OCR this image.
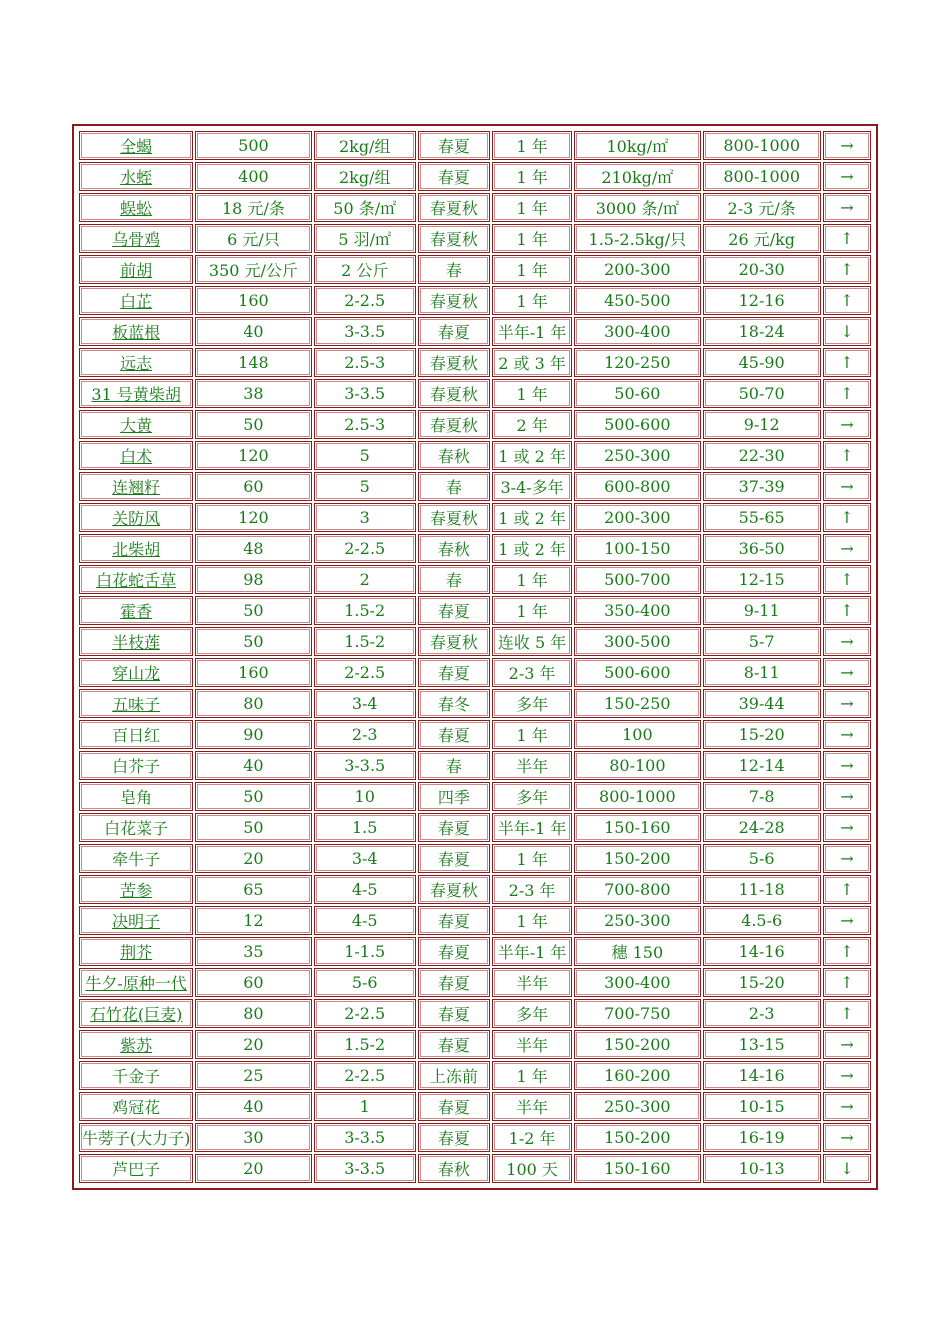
全蝎	500	2kg/组	春夏	1 年	10kg/㎡	800-1000	→
水蛭	400	2kg/组	春夏	1 年	210kg/㎡	800-1000	→
蜈蚣	18 元/条	50 条/㎡	春夏秋	1 年	3000 条/㎡	2-3 元/条	→
乌骨鸡	6 元/只	5 羽/㎡	春夏秋	1 年	1.5-2.5kg/只	26 元/kg	↑
前胡	350 元/公斤	2 公斤	春	1 年	200-300	20-30	↑
白芷	160	2-2.5	春夏秋	1 年	450-500	12-16	↑
板蓝根	40	3-3.5	春夏	半年-1 年	300-400	18-24	↓
远志	148	2.5-3	春夏秋	2 或 3 年	120-250	45-90	↑
31 号黄柴胡	38	3-3.5	春夏秋	1 年	50-60	50-70	↑
大黄	50	2.5-3	春夏秋	2 年	500-600	9-12	→
白术	120	5	春秋	1 或 2 年	250-300	22-30	↑
连翘籽	60	5	春	3-4-多年	600-800	37-39	→
关防风	120	3	春夏秋	1 或 2 年	200-300	55-65	↑
北柴胡	48	2-2.5	春秋	1 或 2 年	100-150	36-50	→
白花蛇舌草	98	2	春	1 年	500-700	12-15	↑
霍香	50	1.5-2	春夏	1 年	350-400	9-11	↑
半枝莲	50	1.5-2	春夏秋	连收 5 年	300-500	5-7	→
穿山龙	160	2-2.5	春夏	2-3 年	500-600	8-11	→
五味子	80	3-4	春冬	多年	150-250	39-44	→
百日红	90	2-3	春夏	1 年	100	15-20	→
白芥子	40	3-3.5	春	半年	80-100	12-14	→
皂角	50	10	四季	多年	800-1000	7-8	→
白花菜子	50	1.5	春夏	半年-1 年	150-160	24-28	→
牵牛子	20	3-4	春夏	1 年	150-200	5-6	→
苦参	65	4-5	春夏秋	2-3 年	700-800	11-18	↑
决明子	12	4-5	春夏	1 年	250-300	4.5-6	→
荆芥	35	1-1.5	春夏	半年-1 年	穗 150	14-16	↑
牛夕-原种一代	60	5-6	春夏	半年	300-400	15-20	↑
石竹花(巨麦)	80	2-2.5	春夏	多年	700-750	2-3	↑
紫苏	20	1.5-2	春夏	半年	150-200	13-15	→
千金子	25	2-2.5	上冻前	1 年	160-200	14-16	→
鸡冠花	40	1	春夏	半年	250-300	10-15	→
牛蒡子(大力子)	30	3-3.5	春夏	1-2 年	150-200	16-19	→
芦巴子	20	3-3.5	春秋	100 天	150-160	10-13	↓
